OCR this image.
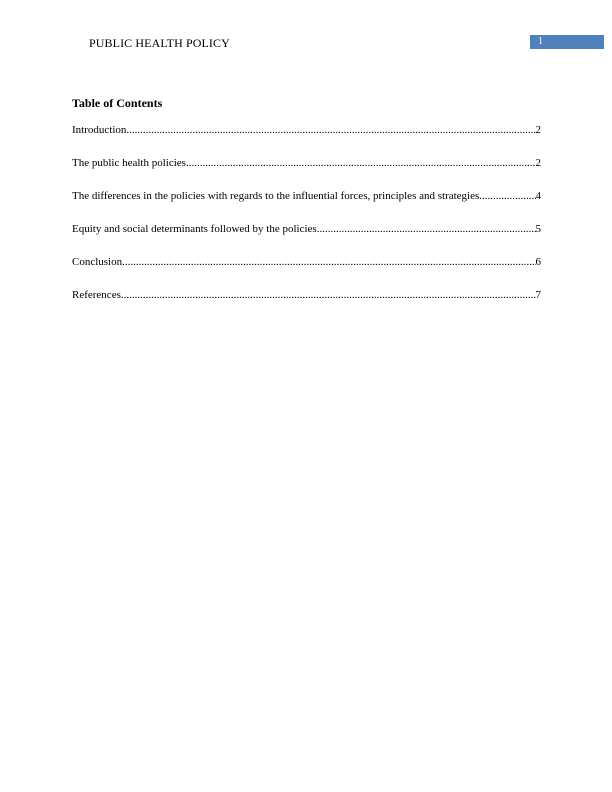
PUBLIC HEALTH POLICY	1
Table of Contents
Introduction .....	2
The public health policies .....	2
The differences in the policies with regards to the influential forces, principles and strategies .....	4
Equity and social determinants followed by the policies .....	5
Conclusion .....	6
References .....	7
